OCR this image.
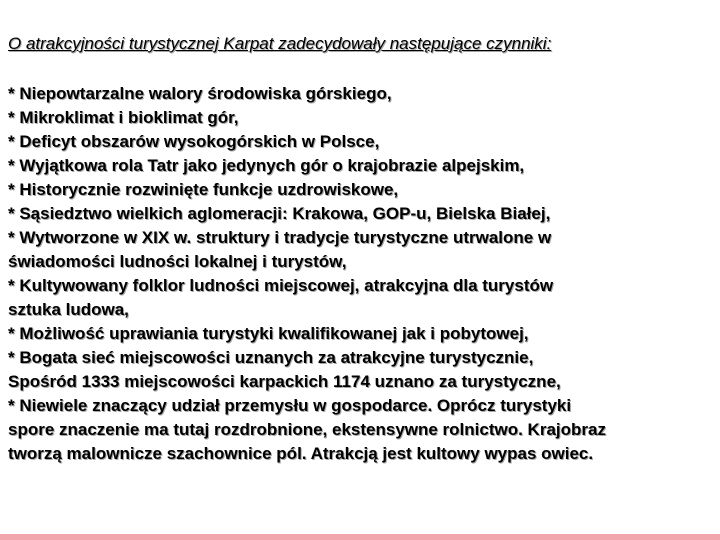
O atrakcyjności turystycznej Karpat zadecydowały następujące czynniki:
* Niepowtarzalne walory środowiska górskiego,
* Mikroklimat i bioklimat gór,
* Deficyt obszarów wysokogórskich w Polsce,
* Wyjątkowa rola Tatr jako jedynych gór o krajobrazie alpejskim,
* Historycznie rozwinięte funkcje uzdrowiskowe,
* Sąsiedztwo wielkich aglomeracji: Krakowa, GOP-u, Bielska Białej,
* Wytworzone w XIX w. struktury i tradycje turystyczne utrwalone w
świadomości ludności lokalnej i turystów,
* Kultywowany folklor ludności miejscowej, atrakcyjna dla turystów
sztuka ludowa,
* Możliwość uprawiania turystyki kwalifikowanej jak i pobytowej,
* Bogata sieć miejscowości uznanych za atrakcyjne turystycznie,
Spośród 1333 miejscowości karpackich 1174 uznano za turystyczne,
* Niewiele znaczący udział przemysłu w gospodarce. Oprócz turystyki
spore znaczenie ma tutaj rozdrobnione, ekstensywne rolnictwo. Krajobraz
tworzą malownicze szachownice pól. Atrakcją jest kultowy wypas owiec.
